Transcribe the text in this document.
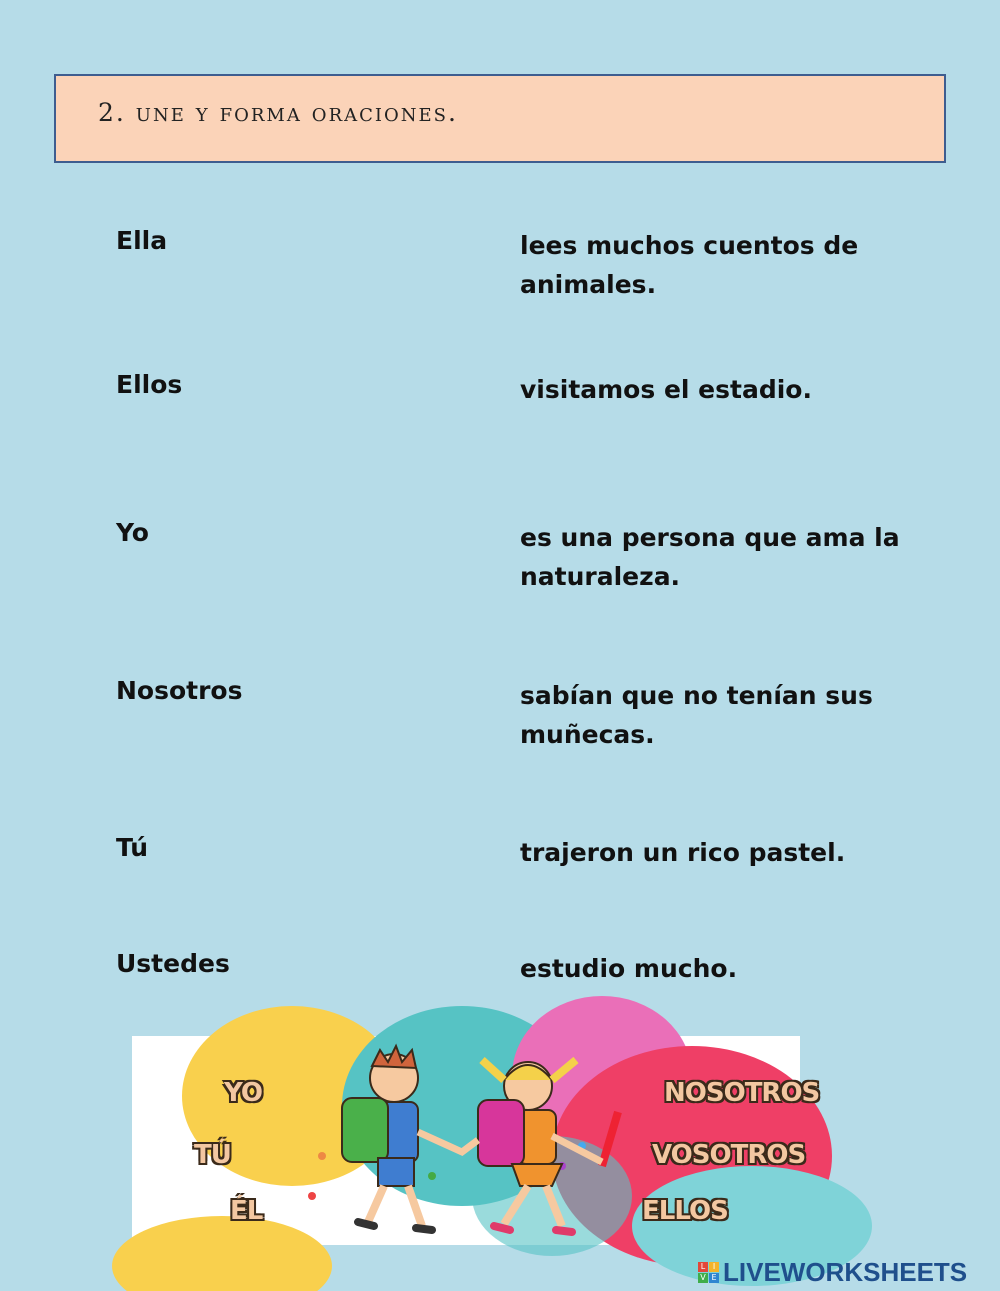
2. une y forma oraciones.
Ella	lees muchos cuentos de animales.
Ellos	visitamos el estadio.
Yo	es una persona que ama la naturaleza.
Nosotros	sabían que no tenían sus muñecas.
Tú	trajeron un rico pastel.
Ustedes	estudio mucho.
YO
TÚ
ÉL
NOSOTROS
VOSOTROS
ELLOS
L I
V E LIVEWORKSHEETS
